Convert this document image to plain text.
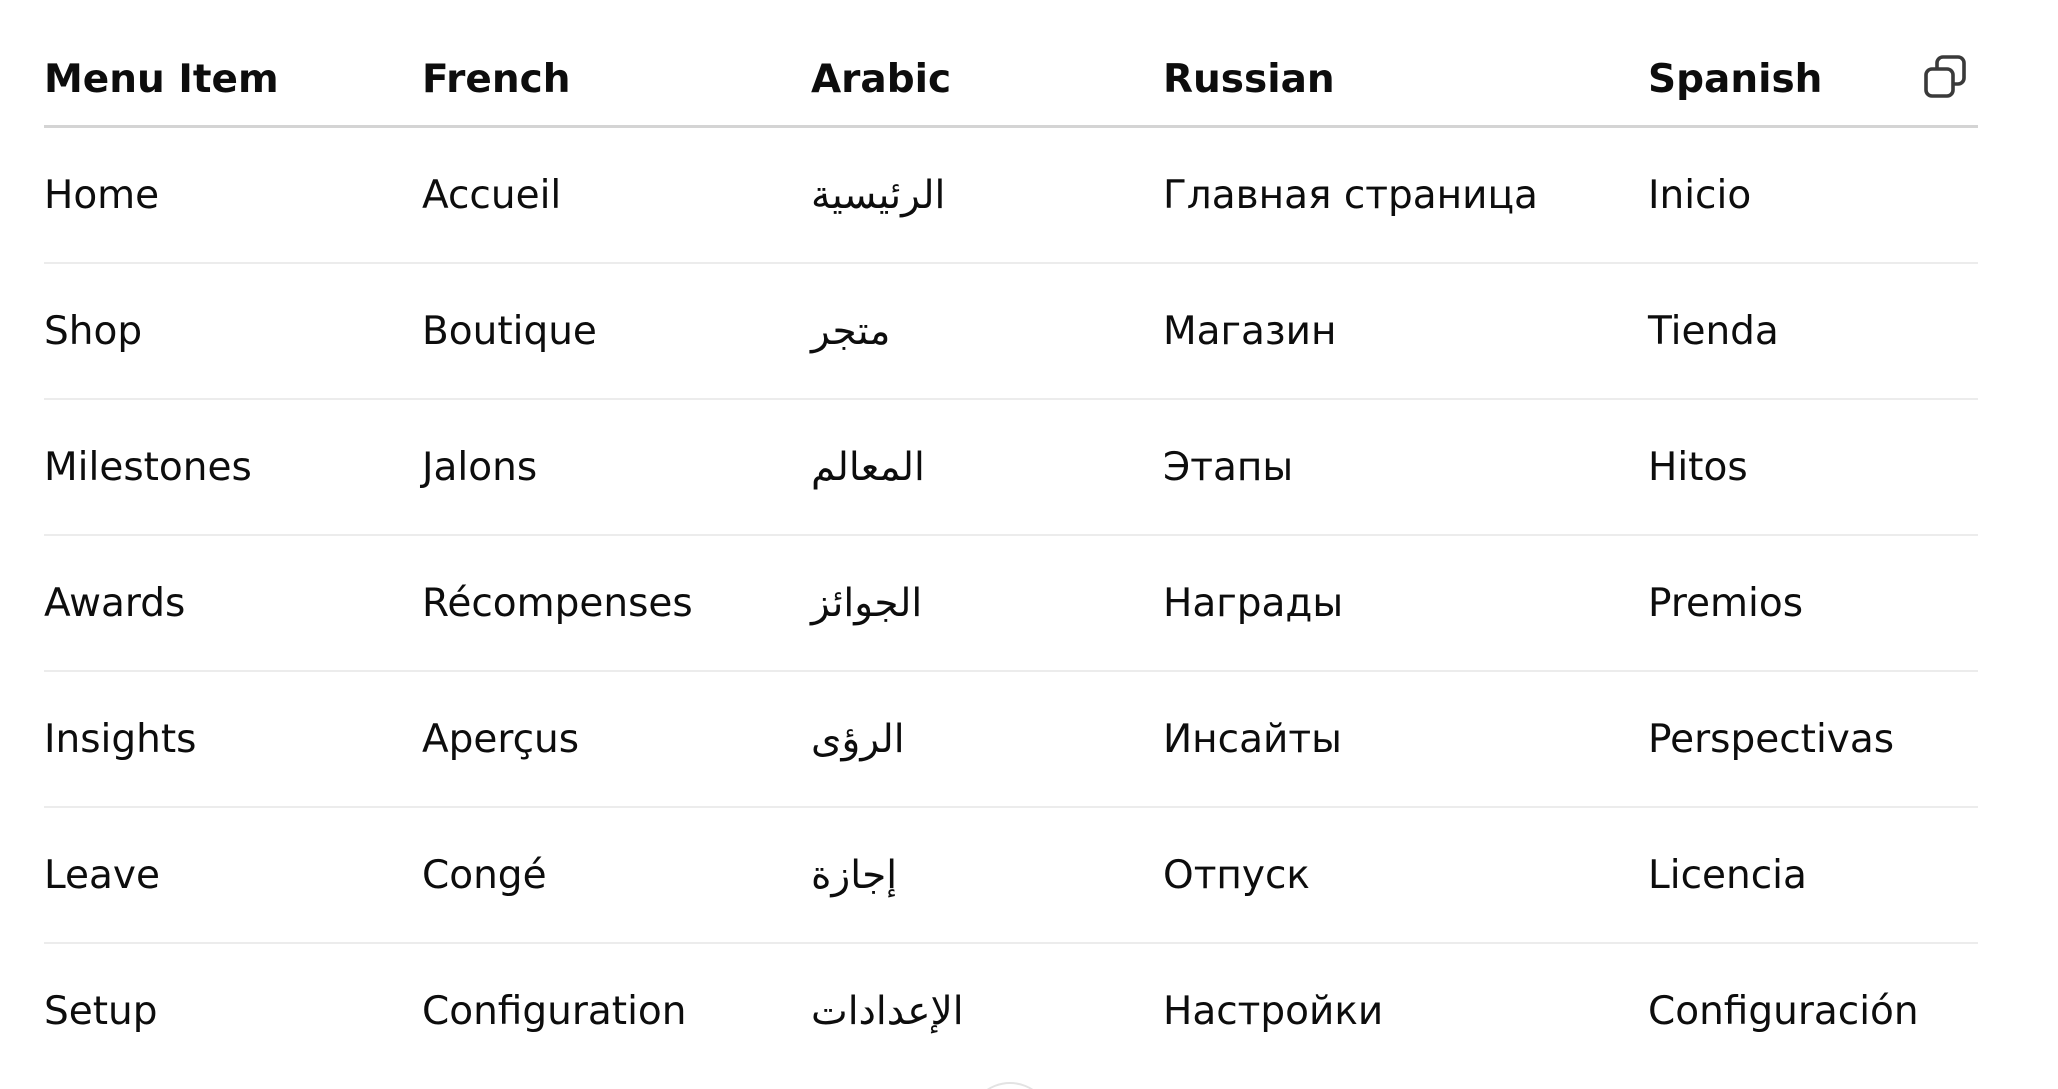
Menu Item	French	Arabic	Russian	Spanish
Home	Accueil	الرئيسية	Главная страница	Inicio
Shop	Boutique	متجر	Магазин	Tienda
Milestones	Jalons	المعالم	Этапы	Hitos
Awards	Récompenses	الجوائز	Награды	Premios
Insights	Aperçus	الرؤى	Инсайты	Perspectivas
Leave	Congé	إجازة	Отпуск	Licencia
Setup	Configuration	الإعدادات	Настройки	Configuración
